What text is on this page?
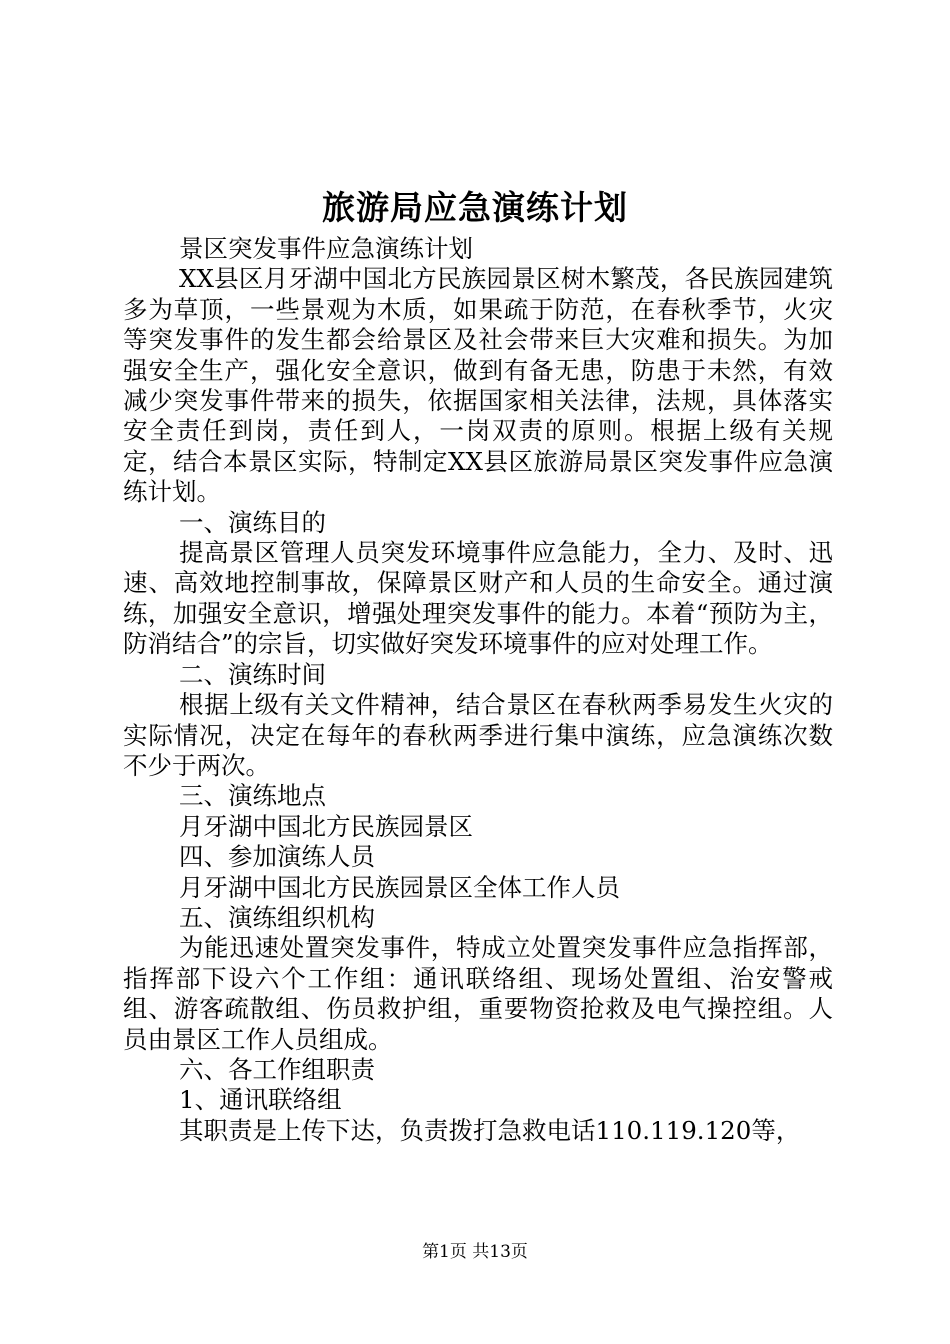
旅游局应急演练计划

景区突发事件应急演练计划

XX县区月牙湖中国北方民族园景区树木繁茂，各民族园建筑多为草顶，一些景观为木质，如果疏于防范，在春秋季节，火灾等突发事件的发生都会给景区及社会带来巨大灾难和损失。为加强安全生产，强化安全意识，做到有备无患，防患于未然，有效减少突发事件带来的损失，依据国家相关法律，法规，具体落实安全责任到岗，责任到人，一岗双责的原则。根据上级有关规定，结合本景区实际，特制定XX县区旅游局景区突发事件应急演练计划。

一、演练目的

提高景区管理人员突发环境事件应急能力，全力、及时、迅速、高效地控制事故，保障景区财产和人员的生命安全。通过演练，加强安全意识，增强处理突发事件的能力。本着“预防为主，防消结合”的宗旨，切实做好突发环境事件的应对处理工作。

二、演练时间

根据上级有关文件精神，结合景区在春秋两季易发生火灾的实际情况，决定在每年的春秋两季进行集中演练，应急演练次数不少于两次。

三、演练地点

月牙湖中国北方民族园景区

四、参加演练人员

月牙湖中国北方民族园景区全体工作人员

五、演练组织机构

为能迅速处置突发事件，特成立处置突发事件应急指挥部，指挥部下设六个工作组：通讯联络组、现场处置组、治安警戒组、游客疏散组、伤员救护组，重要物资抢救及电气操控组。人员由景区工作人员组成。

六、各工作组职责

1、通讯联络组

其职责是上传下达，负责拨打急救电话110.119.120等，

第1页 共13页
